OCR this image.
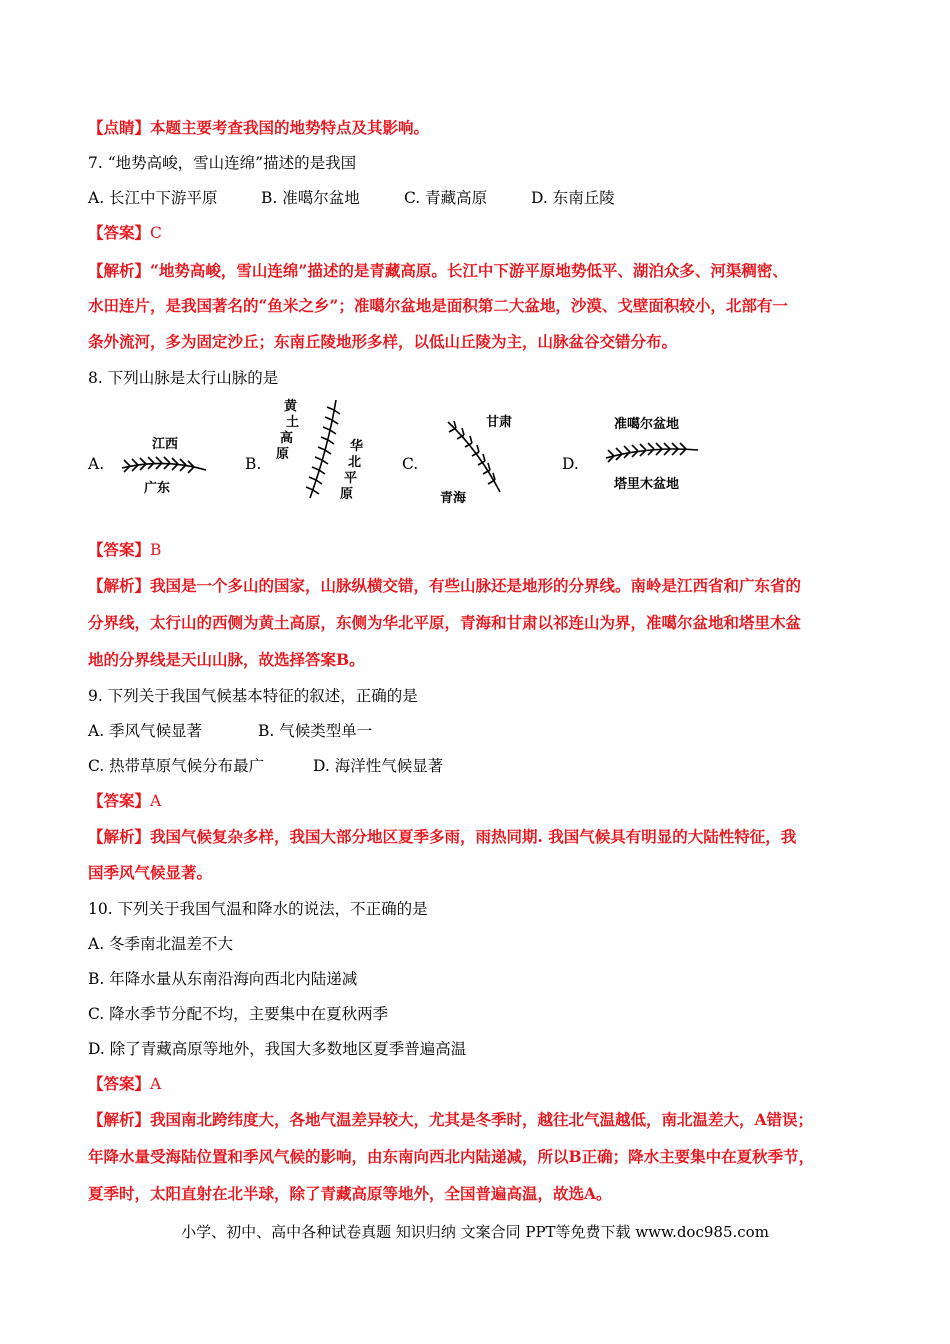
【点睛】本题主要考查我国的地势特点及其影响。
7. “地势高峻，雪山连绵”描述的是我国
A. 长江中下游平原	B. 准噶尔盆地	C. 青藏高原	D. 东南丘陵
【答案】C
【解析】“地势高峻，雪山连绵”描述的是青藏高原。长江中下游平原地势低平、湖泊众多、河渠稠密、
水田连片，是我国著名的“鱼米之乡”；准噶尔盆地是面积第二大盆地，沙漠、戈壁面积较小，北部有一
条外流河，多为固定沙丘；东南丘陵地形多样，以低山丘陵为主，山脉盆谷交错分布。
8. 下列山脉是太行山脉的是
A.
江西
广东
B.
黄
土
高
原
华
北
平
原
C.
甘肃
青海
D.
准噶尔盆地
塔里木盆地
【答案】B
【解析】我国是一个多山的国家，山脉纵横交错，有些山脉还是地形的分界线。南岭是江西省和广东省的
分界线，太行山的西侧为黄土高原，东侧为华北平原，青海和甘肃以祁连山为界，准噶尔盆地和塔里木盆
地的分界线是天山山脉，故选择答案B。
9. 下列关于我国气候基本特征的叙述，正确的是
A. 季风气候显著	B. 气候类型单一
C. 热带草原气候分布最广	D. 海洋性气候显著
【答案】A
【解析】我国气候复杂多样，我国大部分地区夏季多雨，雨热同期. 我国气候具有明显的大陆性特征，我
国季风气候显著。
10. 下列关于我国气温和降水的说法，不正确的是
A. 冬季南北温差不大
B. 年降水量从东南沿海向西北内陆递减
C. 降水季节分配不均，主要集中在夏秋两季
D. 除了青藏高原等地外，我国大多数地区夏季普遍高温
【答案】A
【解析】我国南北跨纬度大，各地气温差异较大，尤其是冬季时，越往北气温越低，南北温差大，A错误；
年降水量受海陆位置和季风气候的影响，由东南向西北内陆递减，所以B正确；降水主要集中在夏秋季节，
夏季时，太阳直射在北半球，除了青藏高原等地外，全国普遍高温，故选A。
小学、初中、高中各种试卷真题 知识归纳 文案合同 PPT等免费下载 www.doc985.com
